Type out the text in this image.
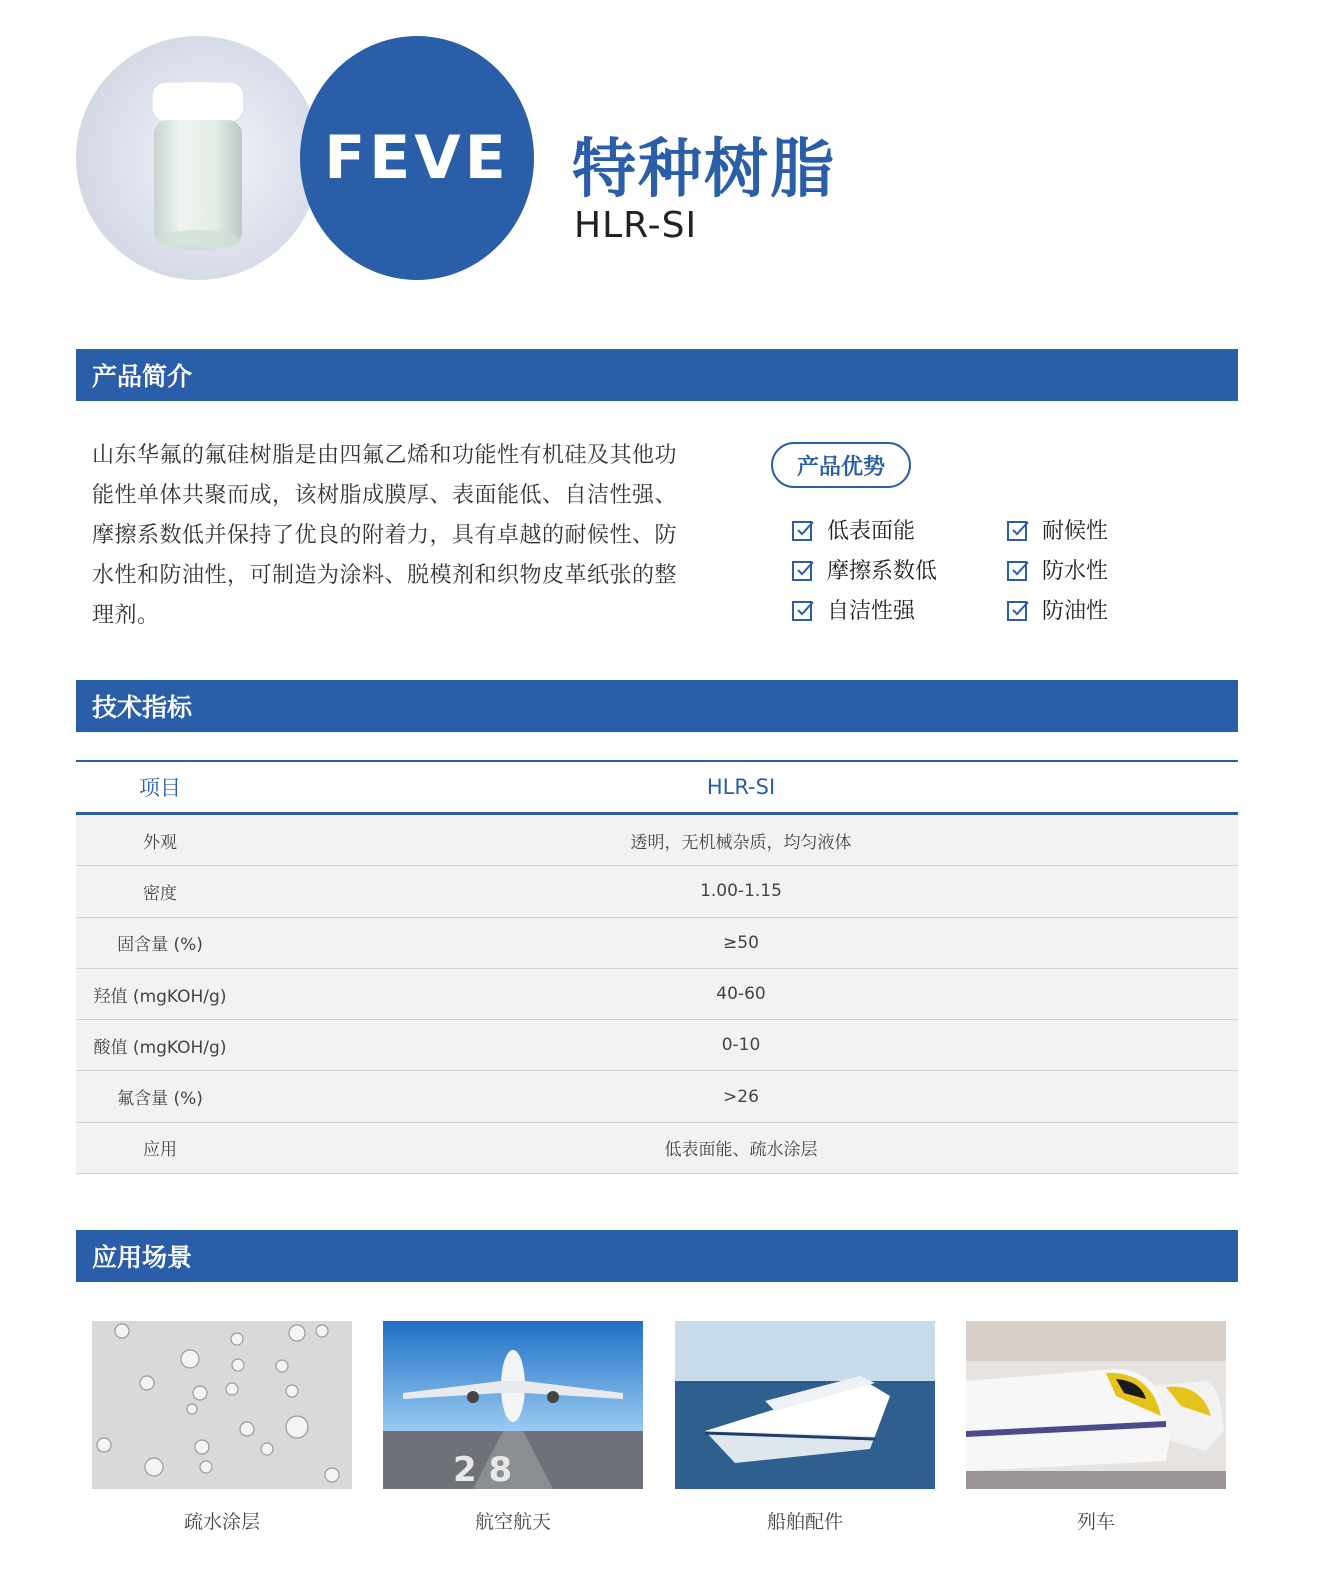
FEVE 特种树脂
HLR-SI
产品简介
山东华氟的氟硅树脂是由四氟乙烯和功能性有机硅及其他功
能性单体共聚而成，该树脂成膜厚、表面能低、自洁性强、
摩擦系数低并保持了优良的附着力，具有卓越的耐候性、防
水性和防油性，可制造为涂料、脱模剂和织物皮革纸张的整
理剂。
产品优势
低表面能	耐候性
摩擦系数低	防水性
自洁性强	防油性
技术指标
项目	HLR-SI
外观	透明，无机械杂质，均匀液体
密度	1.00-1.15
固含量 (%)	≥50
羟值 (mgKOH/g)	40-60
酸值 (mgKOH/g)	0-10
氟含量 (%)	>26
应用	低表面能、疏水涂层
应用场景
疏水涂层
2 8
航空航天	船舶配件	列车
